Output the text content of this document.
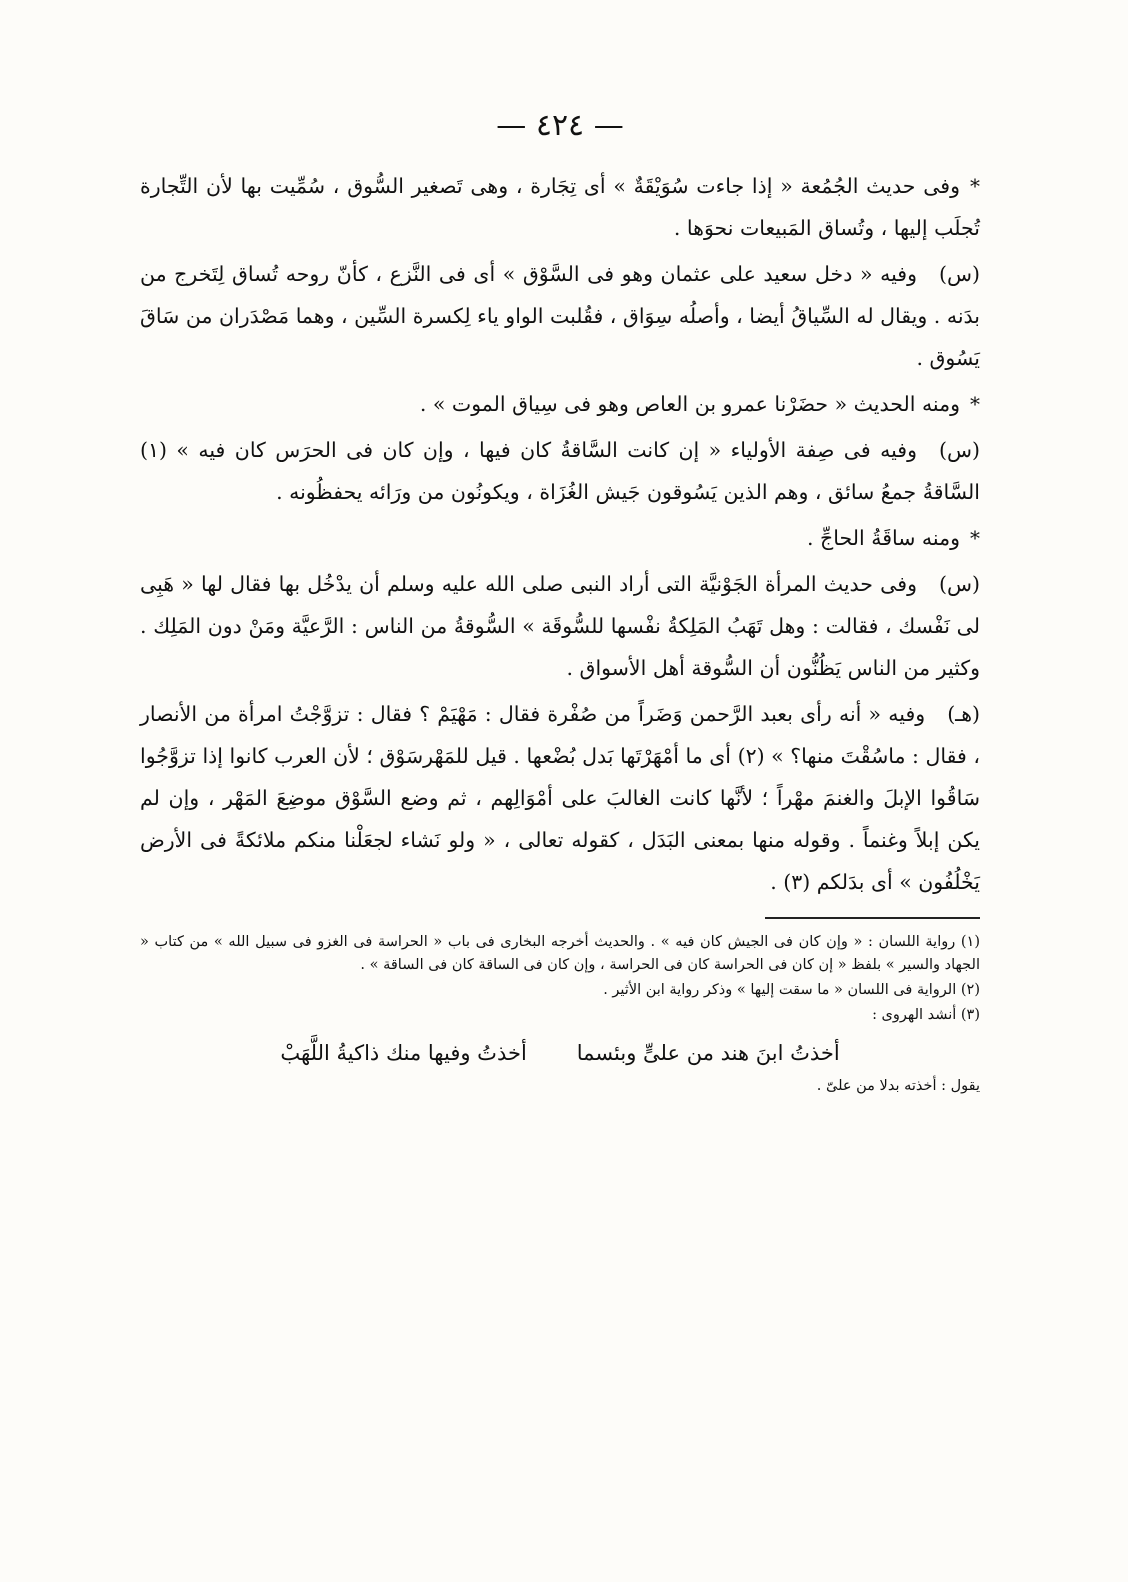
— ٤٢٤ —

*وفى حديث الجُمُعة « إذا جاءت سُوَيْقَةٌ » أى تِجَارة ، وهى تَصغير السُّوق ، سُمِّيت بها لأن التِّجارة تُجلَب إليها ، وتُساق المَبيعات نحوَها .

(س)وفيه « دخل سعيد على عثمان وهو فى السَّوْق » أى فى النَّزع ، كأنّ روحه تُساق لِتَخرج من بدَنه . ويقال له السِّياقُ أيضا ، وأصلُه سِوَاق ، فقُلبت الواو ياء لِكسرة السِّين ، وهما مَصْدَران من سَاقَ يَسُوق .

*ومنه الحديث « حضَرْنا عمرو بن العاص وهو فى سِياق الموت » .

(س)وفيه فى صِفة الأولياء « إن كانت السَّاقةُ كان فيها ، وإن كان فى الحرَس كان فيه » (١) السَّاقةُ جمعُ سائق ، وهم الذين يَسُوقون جَيش الغُزَاة ، ويكونُون من ورَائه يحفظُونه .

*ومنه ساقَةُ الحاجِّ .

(س)وفى حديث المرأة الجَوْنيَّة التى أراد النبى صلى الله عليه وسلم أن يدْخُل بها فقال لها « هَبِى لى نَفْسك ، فقالت : وهل تَهَبُ المَلِكةُ نفْسها للسُّوقَة » السُّوقةُ من الناس : الرَّعيَّة ومَنْ دون المَلِك . وكثير من الناس يَظُنُّون أن السُّوقة أهل الأسواق .

(هـ)وفيه « أنه رأى بعبد الرَّحمن وَضَراً من صُفْرة فقال : مَهْيَمْ ؟ فقال : تزوَّجْتُ امرأة من الأنصار ، فقال : ماسُقْتَ منها؟ » (٢) أى ما أمْهَرْتَها بَدل بُضْعها . قيل للمَهْرسَوْق ؛ لأن العرب كانوا إذا تزوَّجُوا سَاقُوا الإبلَ والغنمَ مهْراً ؛ لأنَّها كانت الغالبَ على أمْوَالِهم ، ثم وضع السَّوْق موضِعَ المَهْر ، وإن لم يكن إبلاً وغنماً . وقوله منها بمعنى البَدَل ، كقوله تعالى ، « ولو نَشاء لجعَلْنا منكم ملائكةً فى الأرض يَخْلُفُون » أى بدَلكم (٣) .

(١) رواية اللسان : « وإن كان فى الجيش كان فيه » . والحديث أخرجه البخارى فى باب « الحراسة فى الغزو فى سبيل الله » من كتاب « الجهاد والسير » بلفظ « إن كان فى الحراسة كان فى الحراسة ، وإن كان فى الساقة كان فى الساقة » .
(٢) الرواية فى اللسان « ما سقت إليها » وذكر رواية ابن الأثير .
(٣) أنشد الهروى :
أخذتُ ابنَ هند من علىٍّ وبئسما
أخذتُ وفيها منك ذاكيةُ اللَّهَبْ
يقول : أخذته بدلا من علىّ .
